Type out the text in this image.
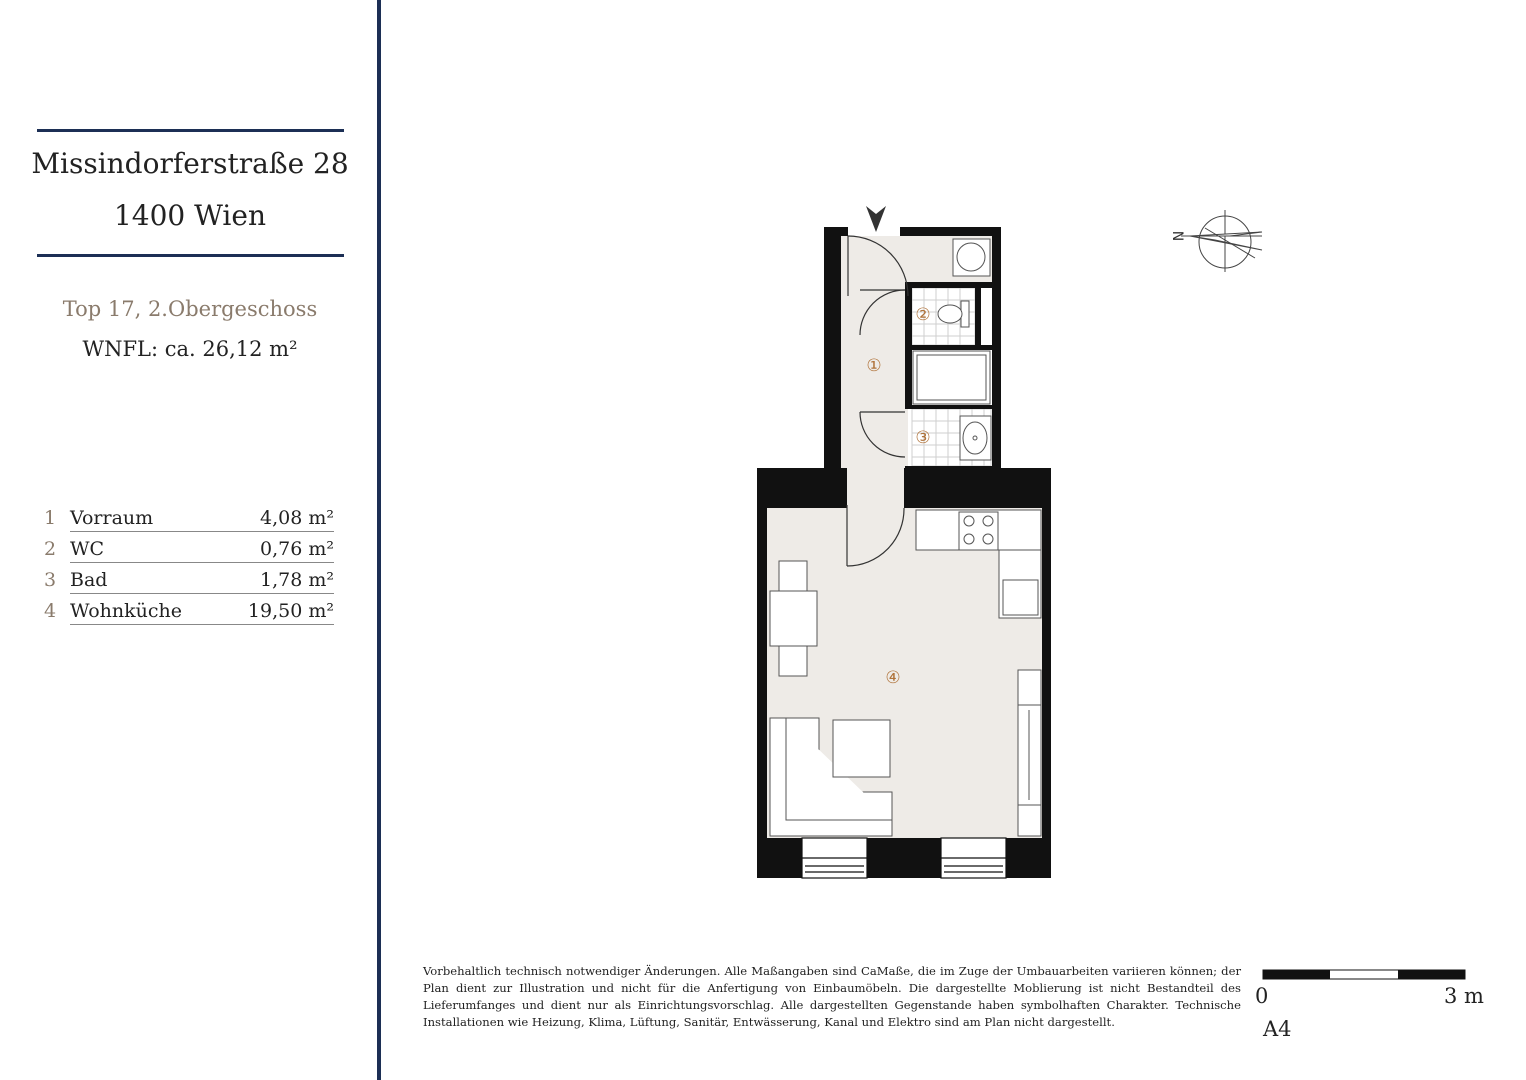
Missindorferstraße 28
1400 Wien
Top 17, 2.Obergeschoss
WNFL: ca. 26,12 m²
1 Vorraum	4,08 m²
2 WC	0,76 m²
3 Bad	1,78 m²
4 Wohnküche	19,50 m²
①
②
③
④
N
Vorbehaltlich technisch notwendiger Änderungen. Alle Maßangaben sind CaMaße, die im Zuge der Umbauarbeiten variieren können; der Plan dient zur Illustration und nicht für die Anfertigung von Einbaumöbeln. Die dargestellte Moblierung ist nicht Bestandteil des Lieferumfanges und dient nur als Einrichtungsvorschlag. Alle dargestellten Gegenstande haben symbolhaften Charakter. Technische Installationen wie Heizung, Klima, Lüftung, Sanitär, Entwässerung, Kanal und Elektro sind am Plan nicht dargestellt.
0	3 m
A4
